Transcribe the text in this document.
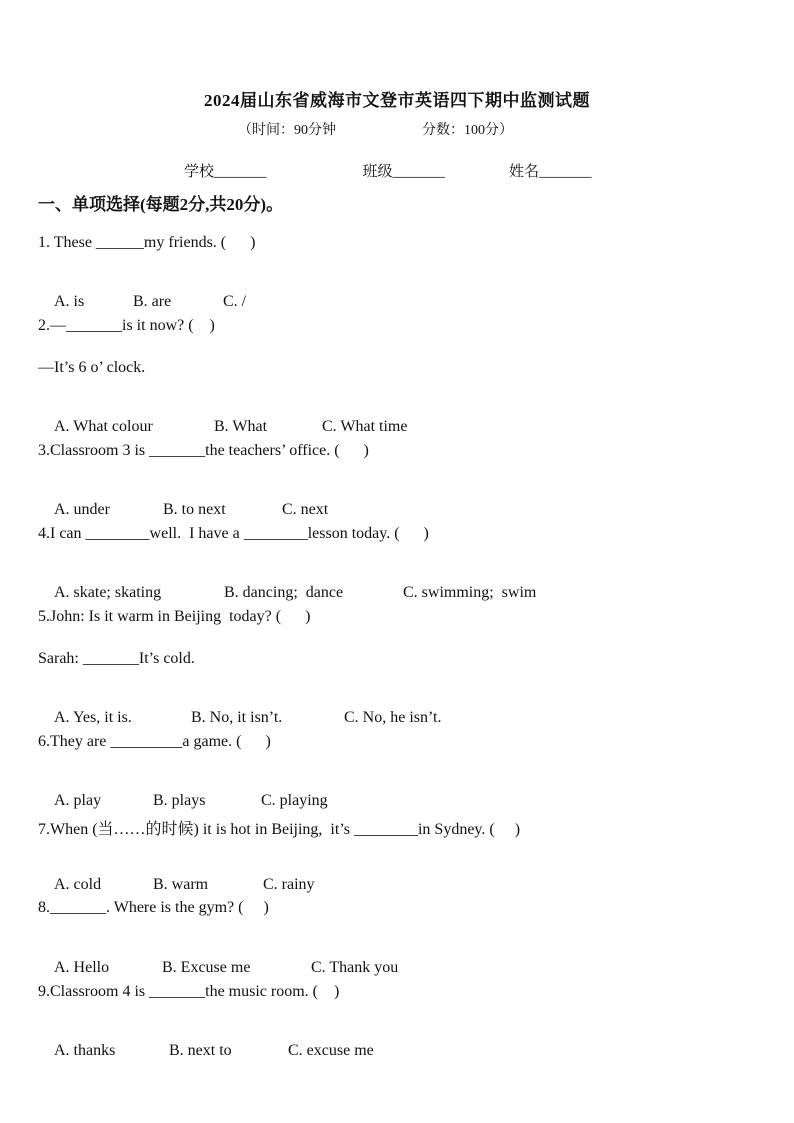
2024届山东省威海市文登市英语四下期中监测试题
（时间：90分钟	分数：100分）
学校_______	班级_______	姓名_______
一、单项选择(每题2分,共20分)。
1. These ______my friends. (      )

A. is	B. are	C. /

2.—_______is it now? (    )
—It’s 6 o’ clock.

A. What colour	B. What	C. What time

3.Classroom 3 is _______the teachers’ office. (      )

A. under	B. to next	C. next

4.I can ________well.  I have a ________lesson today. (      )

A. skate; skating	B. dancing;  dance	C. swimming;  swim

5.John: Is it warm in Beijing  today? (      )
Sarah: _______It’s cold.

A. Yes, it is.	B. No, it isn’t.	C. No, he isn’t.

6.They are _________a game. (      )

A. play	B. plays	C. playing

7.When (当……的时候) it is hot in Beijing,  it’s ________in Sydney. (     )

A. cold	B. warm	C. rainy

8._______. Where is the gym? (     )

A. Hello	B. Excuse me	C. Thank you

9.Classroom 4 is _______the music room. (    )

A. thanks	B. next to	C. excuse me
